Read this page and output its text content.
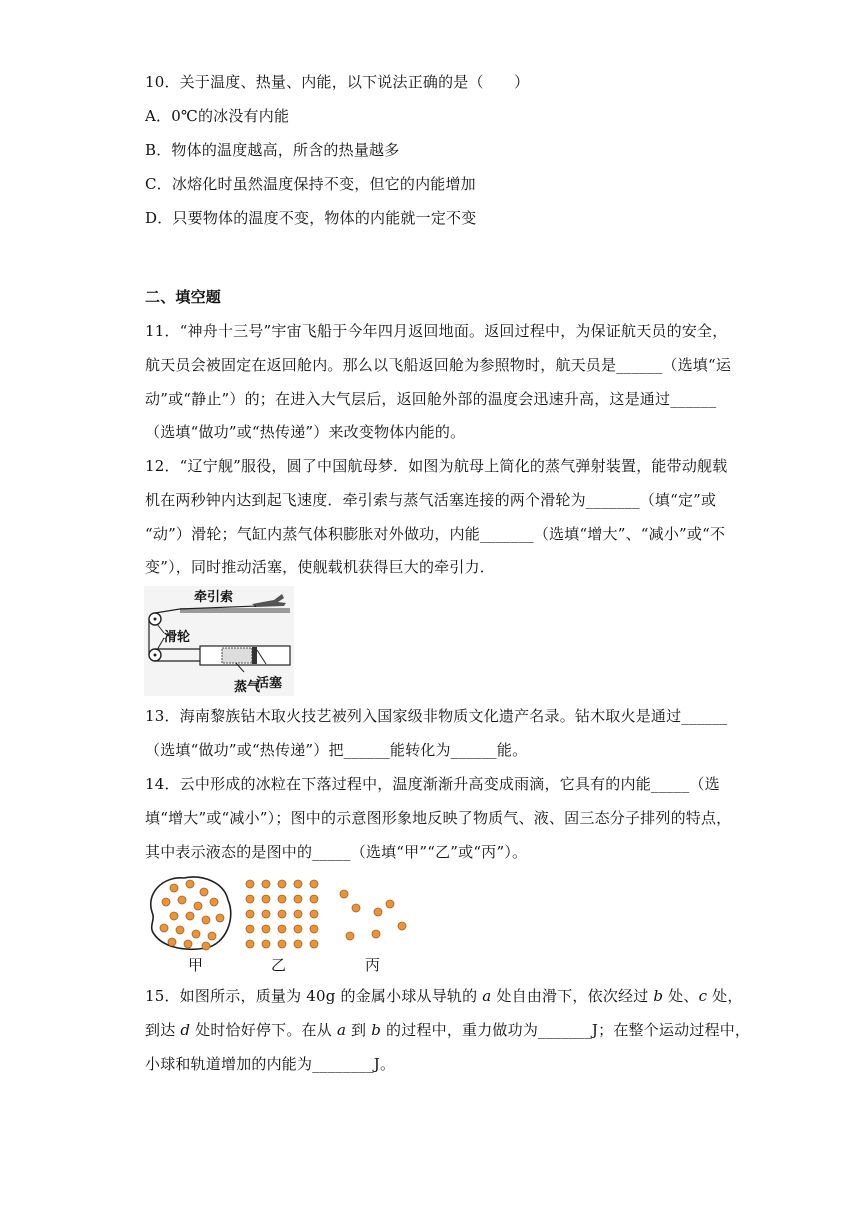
10．关于温度、热量、内能，以下说法正确的是（　　）
A．0℃的冰没有内能
B．物体的温度越高，所含的热量越多
C．冰熔化时虽然温度保持不变，但它的内能增加
D．只要物体的温度不变，物体的内能就一定不变
二、填空题
11．“神舟十三号”宇宙飞船于今年四月返回地面。返回过程中，为保证航天员的安全，
航天员会被固定在返回舱内。那么以飞船返回舱为参照物时，航天员是______（选填“运
动”或“静止”）的；在进入大气层后，返回舱外部的温度会迅速升高，这是通过______
（选填“做功”或“热传递”）来改变物体内能的。
12．“辽宁舰”服役，圆了中国航母梦．如图为航母上简化的蒸气弹射装置，能带动舰载
机在两秒钟内达到起飞速度．牵引索与蒸气活塞连接的两个滑轮为_______（填“定”或
“动”）滑轮；气缸内蒸气体积膨胀对外做功，内能_______（选填“增大”、“减小”或“不
变”），同时推动活塞，使舰载机获得巨大的牵引力．
牵引索
滑轮
蒸气
活塞
13．海南黎族钻木取火技艺被列入国家级非物质文化遗产名录。钻木取火是通过______
（选填“做功”或“热传递”）把______能转化为______能。
14．云中形成的冰粒在下落过程中，温度渐渐升高变成雨滴，它具有的内能_____（选
填“增大”或“减小”）；图中的示意图形象地反映了物质气、液、固三态分子排列的特点，
其中表示液态的是图中的_____（选填“甲”“乙”或“丙”）。
甲	乙	丙
15．如图所示，质量为 40g 的金属小球从导轨的 a 处自由滑下，依次经过 b 处、c 处，
到达 d 处时恰好停下。在从 a 到 b 的过程中，重力做功为_______J；在整个运动过程中，
小球和轨道增加的内能为________J。
